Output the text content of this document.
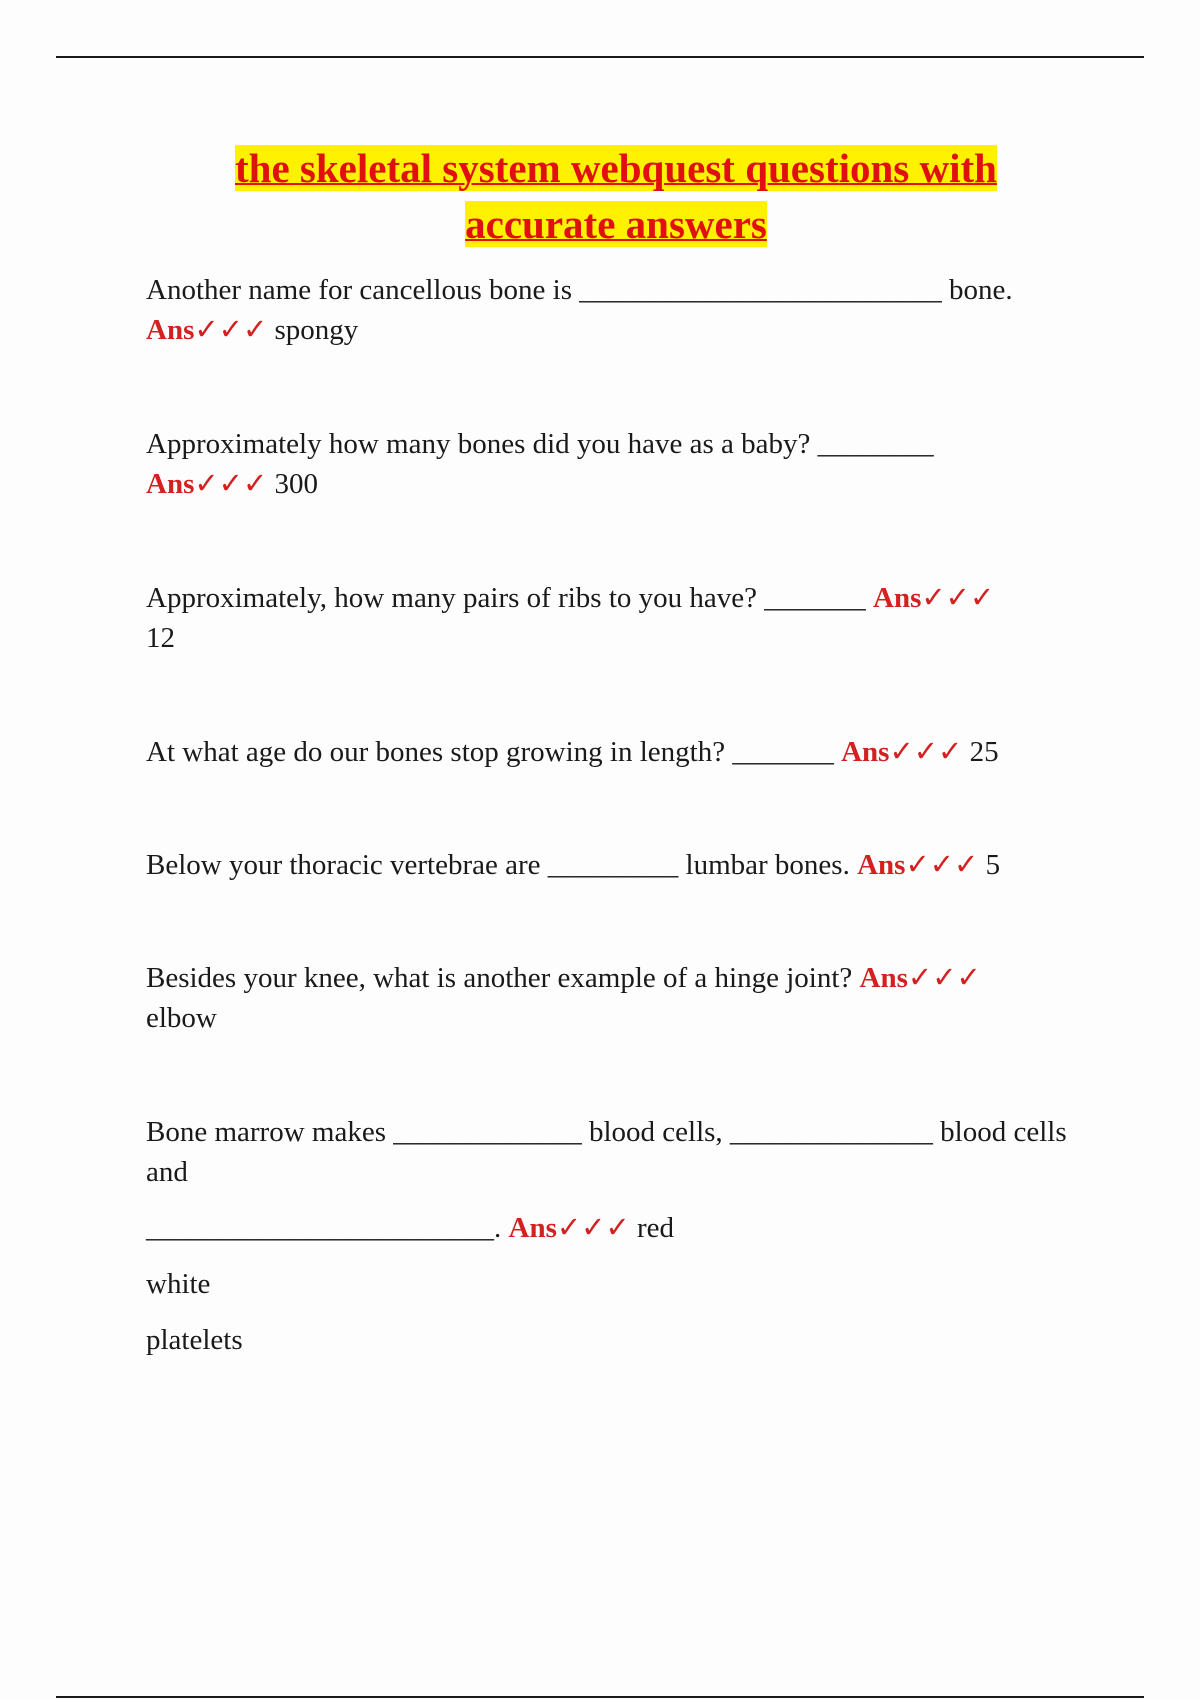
the skeletal system webquest questions with
accurate answers

Another name for cancellous bone is _________________________ bone.

Ans✓✓✓ spongy

Approximately how many bones did you have as a baby? ________

Ans✓✓✓ 300

Approximately, how many pairs of ribs to you have? _______ Ans✓✓✓

12

At what age do our bones stop growing in length? _______ Ans✓✓✓ 25

Below your thoracic vertebrae are _________ lumbar bones. Ans✓✓✓ 5

Besides your knee, what is another example of a hinge joint? Ans✓✓✓

elbow

Bone marrow makes _____________ blood cells, ______________ blood cells and

________________________. Ans✓✓✓ red

white

platelets
